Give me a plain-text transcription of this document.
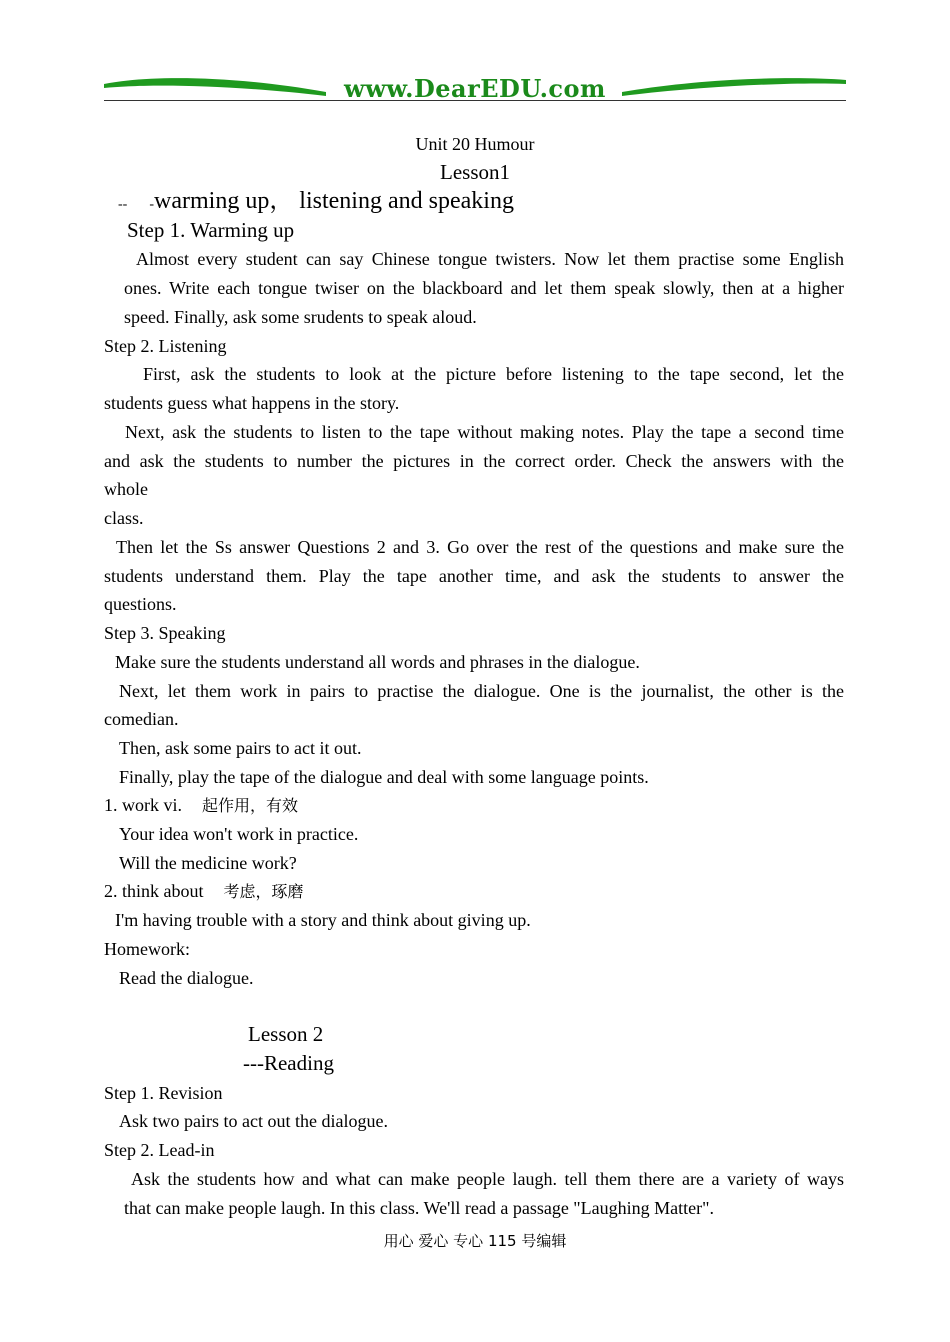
www.DearEDU.com
Unit 20 Humour
Lesson1
-- -warming up， listening and speaking
Step 1. Warming up
Almost every student can say Chinese tongue twisters. Now let them practise some English
ones. Write each tongue twiser on the blackboard and let them speak slowly, then at a higher
speed. Finally, ask some srudents to speak aloud.
Step 2. Listening
First, ask the students to look at the picture before listening to the tape second, let the
students guess what happens in the story.
Next, ask the students to listen to the tape without making notes. Play the tape a second time
and ask the students to number the pictures in the correct order. Check the answers with the
whole
class.
Then let the Ss answer Questions 2 and 3. Go over the rest of the questions and make sure the
students understand them. Play the tape another time, and ask the students to answer the
questions.
Step 3. Speaking
Make sure the students understand all words and phrases in the dialogue.
Next, let them work in pairs to practise the dialogue. One is the journalist, the other is the
comedian.
Then, ask some pairs to act it out.
Finally, play the tape of the dialogue and deal with some language points.
1. work vi. 起作用，有效
Your idea won't work in practice.
Will the medicine work?
2. think about 考虑，琢磨
I'm having trouble with a story and think about giving up.
Homework:
Read the dialogue.
Lesson 2
---Reading
Step 1. Revision
Ask two pairs to act out the dialogue.
Step 2. Lead-in
Ask the students how and what can make people laugh. tell them there are a variety of ways
that can make people laugh. In this class. We'll read a passage "Laughing Matter".
用心 爱心 专心 115 号编辑
